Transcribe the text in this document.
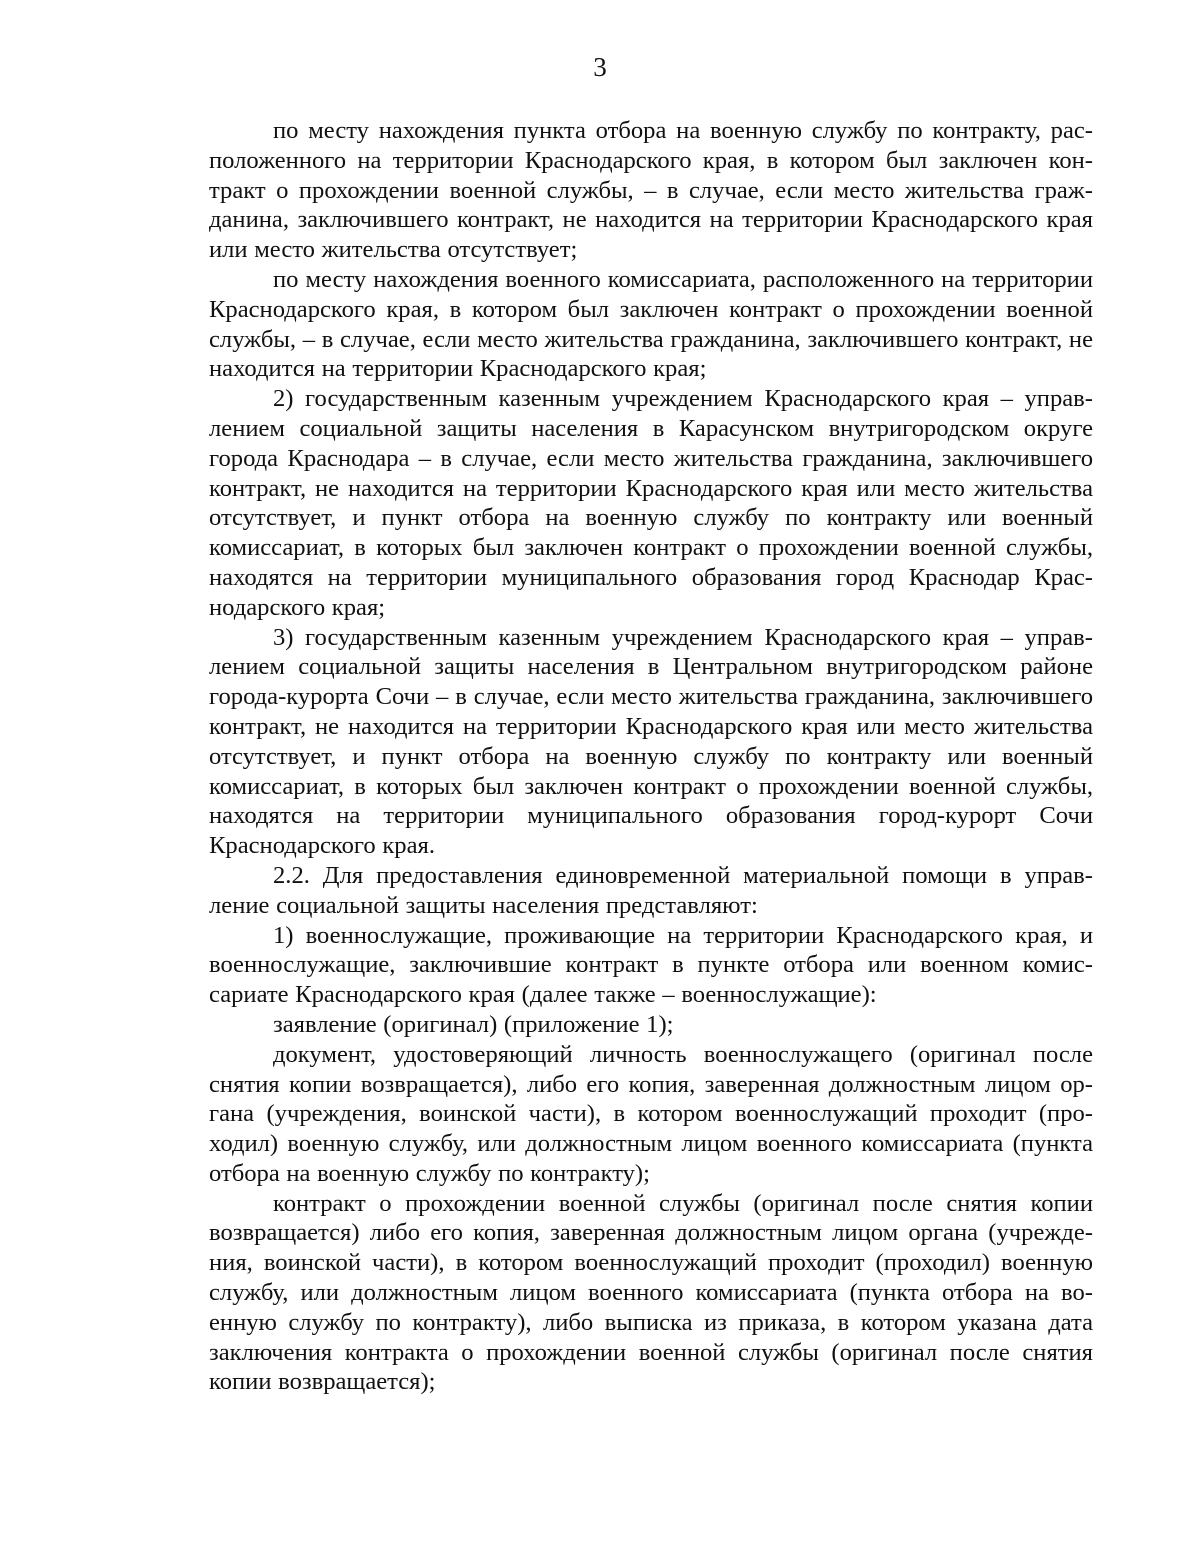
3

по месту нахождения пункта отбора на военную службу по контракту, расположенного на территории Краснодарского края, в котором был заключен контракт о прохождении военной службы, – в случае, если место жительства гражданина, заключившего контракт, не находится на территории Краснодарского края или место жительства отсутствует;

по месту нахождения военного комиссариата, расположенного на территории Краснодарского края, в котором был заключен контракт о прохождении военной службы, – в случае, если место жительства гражданина, заключившего контракт, не находится на территории Краснодарского края;

2) государственным казенным учреждением Краснодарского края – управлением социальной защиты населения в Карасунском внутригородском округе города Краснодара – в случае, если место жительства гражданина, заключившего контракт, не находится на территории Краснодарского края или место жительства отсутствует, и пункт отбора на военную службу по контракту или военный комиссариат, в которых был заключен контракт о прохождении военной службы, находятся на территории муниципального образования город Краснодар Краснодарского края;

3) государственным казенным учреждением Краснодарского края – управлением социальной защиты населения в Центральном внутригородском районе города-курорта Сочи – в случае, если место жительства гражданина, заключившего контракт, не находится на территории Краснодарского края или место жительства отсутствует, и пункт отбора на военную службу по контракту или военный комиссариат, в которых был заключен контракт о прохождении военной службы, находятся на территории муниципального образования город-курорт Сочи Краснодарского края.

2.2. Для предоставления единовременной материальной помощи в управление социальной защиты населения представляют:

1) военнослужащие, проживающие на территории Краснодарского края, и военнослужащие, заключившие контракт в пункте отбора или военном комиссариате Краснодарского края (далее также – военнослужащие):

заявление (оригинал) (приложение 1);

документ, удостоверяющий личность военнослужащего (оригинал после снятия копии возвращается), либо его копия, заверенная должностным лицом органа (учреждения, воинской части), в котором военнослужащий проходит (проходил) военную службу, или должностным лицом военного комиссариата (пункта отбора на военную службу по контракту);

контракт о прохождении военной службы (оригинал после снятия копии возвращается) либо его копия, заверенная должностным лицом органа (учреждения, воинской части), в котором военнослужащий проходит (проходил) военную службу, или должностным лицом военного комиссариата (пункта отбора на военную службу по контракту), либо выписка из приказа, в котором указана дата заключения контракта о прохождении военной службы (оригинал после снятия копии возвращается);
